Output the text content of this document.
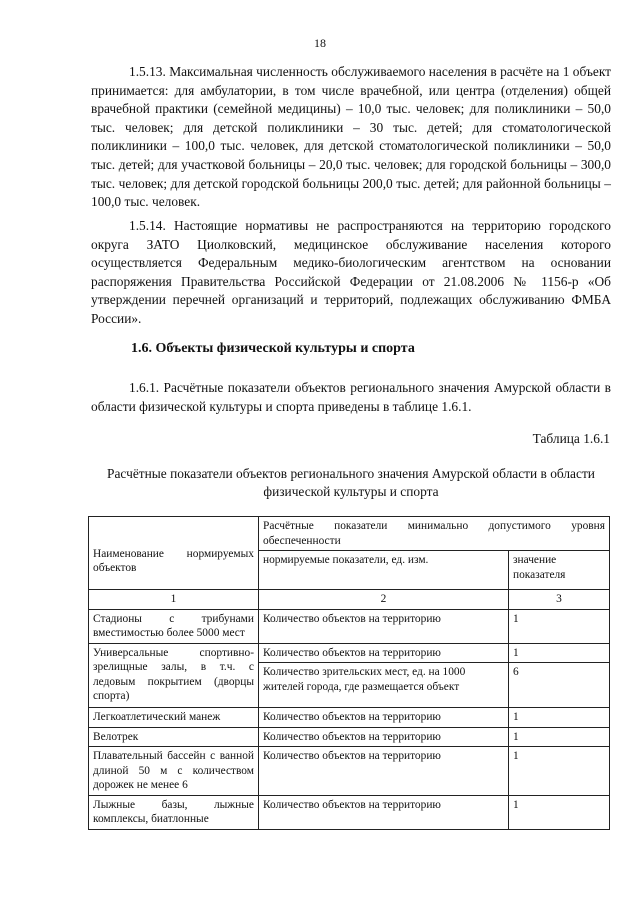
18
1.5.13. Максимальная численность обслуживаемого населения в расчёте на 1 объект принимается: для амбулатории, в том числе врачебной, или центра (отделения) общей врачебной практики (семейной медицины) – 10,0 тыс. человек; для поликлиники – 50,0 тыс. человек; для детской поликлиники – 30 тыс. детей; для стоматологической поликлиники – 100,0 тыс. человек, для детской стоматологической поликлиники – 50,0 тыс. детей; для участковой больницы – 20,0 тыс. человек; для городской больницы – 300,0 тыс. человек; для детской городской больницы 200,0 тыс. детей; для районной больницы – 100,0 тыс. человек.
1.5.14. Настоящие нормативы не распространяются на территорию городского округа ЗАТО Циолковский, медицинское обслуживание населения которого осуществляется Федеральным медико-биологическим агентством на основании распоряжения Правительства Российской Федерации от 21.08.2006 № 1156-р «Об утверждении перечней организаций и территорий, подлежащих обслуживанию ФМБА России».
1.6. Объекты физической культуры и спорта
1.6.1. Расчётные показатели объектов регионального значения Амурской области в области физической культуры и спорта приведены в таблице 1.6.1.
Таблица 1.6.1
Расчётные показатели объектов регионального значения Амурской области в области физической культуры и спорта
Наименование нормируемых объектов	Расчётные показатели минимально допустимого уровня обеспеченности	
	нормируемые показатели, ед. изм.	значение показателя
1	2	3
Стадионы с трибунами вместимостью более 5000 мест	Количество объектов на территорию	1
Универсальные спортивно-зрелищные залы, в т.ч. с ледовым покрытием (дворцы спорта)	Количество объектов на территорию	1
	Количество зрительских мест, ед. на 1000 жителей города, где размещается объект	6
Легкоатлетический манеж	Количество объектов на территорию	1
Велотрек	Количество объектов на территорию	1
Плавательный бассейн с ванной длиной 50 м с количеством дорожек не менее 6	Количество объектов на территорию	1
Лыжные базы, лыжные комплексы, биатлонные	Количество объектов на территорию	1
